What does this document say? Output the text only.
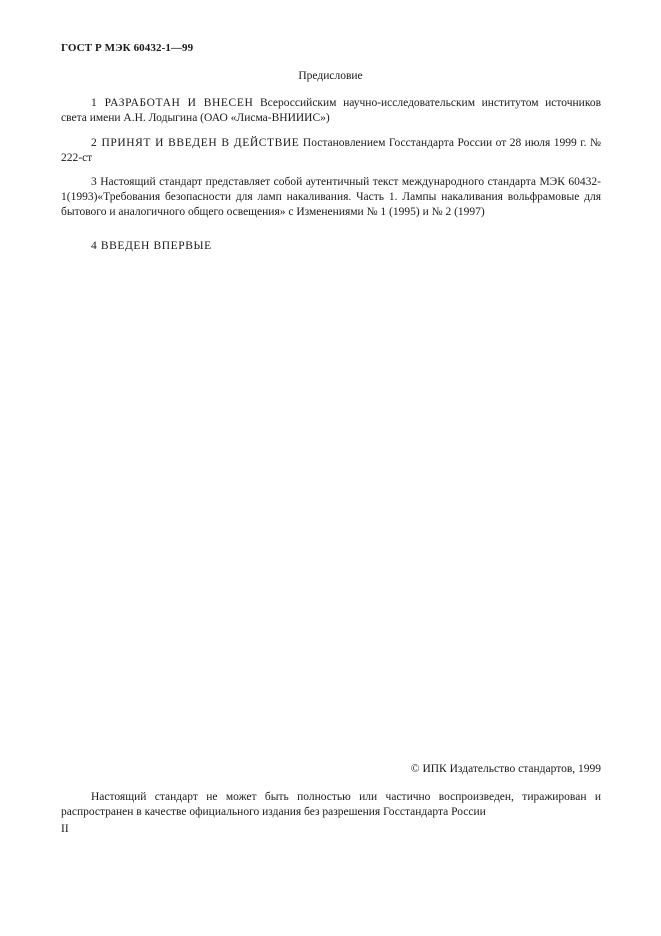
ГОСТ Р МЭК 60432-1—99
Предисловие
1 РАЗРАБОТАН И ВНЕСЕН Всероссийским научно-исследовательским институтом источников света имени А.Н. Лодыгина (ОАО «Лисма-ВНИИИС»)
2 ПРИНЯТ И ВВЕДЕН В ДЕЙСТВИЕ Постановлением Госстандарта России от 28 июля 1999 г. № 222-ст
3 Настоящий стандарт представляет собой аутентичный текст международного стандарта МЭК 60432-1(1993)«Требования безопасности для ламп накаливания. Часть 1. Лампы накаливания вольфрамовые для бытового и аналогичного общего освещения» с Изменениями № 1 (1995) и № 2 (1997)
4 ВВЕДЕН ВПЕРВЫЕ
© ИПК Издательство стандартов, 1999
Настоящий стандарт не может быть полностью или частично воспроизведен, тиражирован и распространен в качестве официального издания без разрешения Госстандарта России
II
